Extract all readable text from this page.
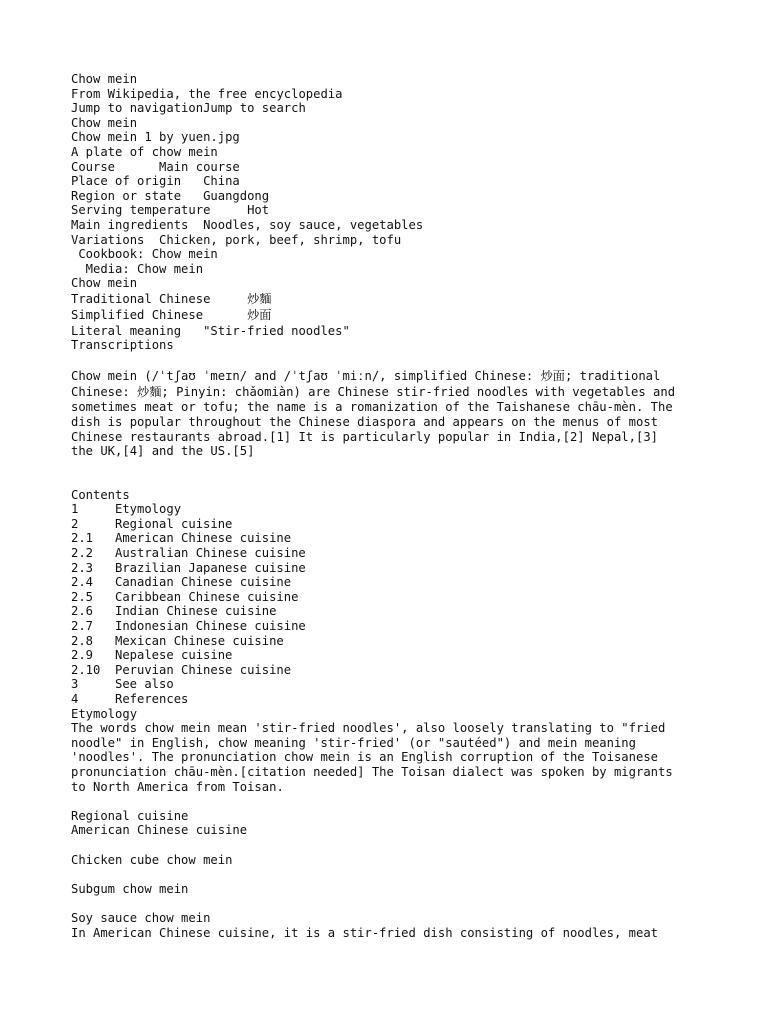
Chow mein
From Wikipedia, the free encyclopedia
Jump to navigationJump to search
Chow mein
Chow mein 1 by yuen.jpg
A plate of chow mein
Course      Main course
Place of origin   China
Region or state   Guangdong
Serving temperature     Hot
Main ingredients  Noodles, soy sauce, vegetables
Variations  Chicken, pork, beef, shrimp, tofu
Cookbook: Chow mein
Media: Chow mein
Chow mein
Traditional Chinese     炒麵
Simplified Chinese      炒面
Literal meaning   "Stir-fried noodles"
Transcriptions
Chow mein (/ˈtʃaʊ ˈmeɪn/ and /ˈtʃaʊ ˈmiːn/, simplified Chinese: 炒面; traditional
Chinese: 炒麵; Pinyin: chǎomiàn) are Chinese stir-fried noodles with vegetables and
sometimes meat or tofu; the name is a romanization of the Taishanese chāu-mèn. The
dish is popular throughout the Chinese diaspora and appears on the menus of most
Chinese restaurants abroad.[1] It is particularly popular in India,[2] Nepal,[3]
the UK,[4] and the US.[5]
Contents
1	Etymology
2	Regional cuisine
2.1 American Chinese cuisine
2.2 Australian Chinese cuisine
2.3 Brazilian Japanese cuisine
2.4 Canadian Chinese cuisine
2.5 Caribbean Chinese cuisine
2.6 Indian Chinese cuisine
2.7 Indonesian Chinese cuisine
2.8 Mexican Chinese cuisine
2.9 Nepalese cuisine
2.10 Peruvian Chinese cuisine
3	See also
4	References
Etymology
The words chow mein mean 'stir-fried noodles', also loosely translating to "fried
noodle" in English, chow meaning 'stir-fried' (or "sautéed") and mein meaning
'noodles'. The pronunciation chow mein is an English corruption of the Toisanese
pronunciation chāu-mèn.[citation needed] The Toisan dialect was spoken by migrants
to North America from Toisan.
Regional cuisine
American Chinese cuisine
Chicken cube chow mein
Subgum chow mein
Soy sauce chow mein
In American Chinese cuisine, it is a stir-fried dish consisting of noodles, meat
